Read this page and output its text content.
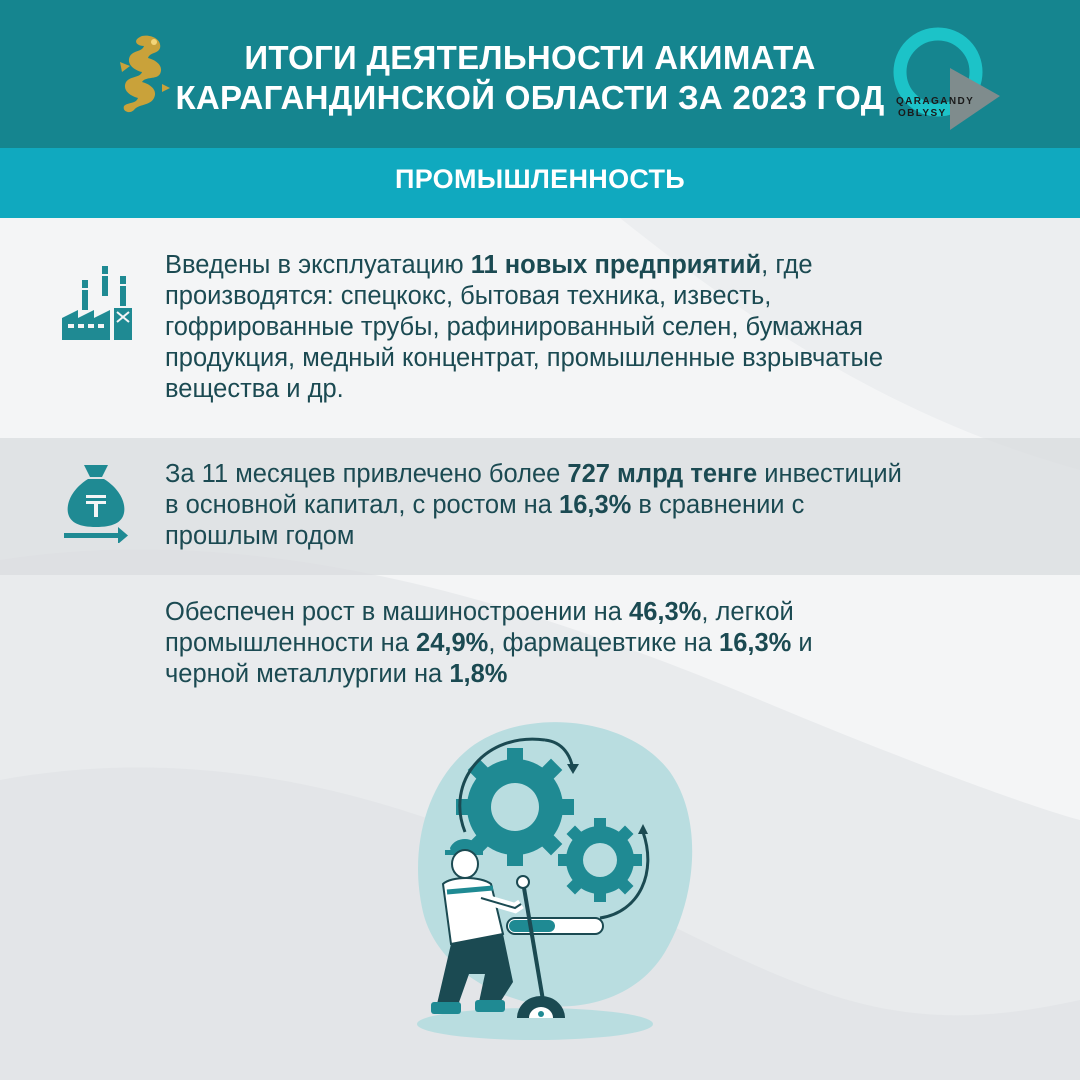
ИТОГИ ДЕЯТЕЛЬНОСТИ АКИМАТА
КАРАГАНДИНСКОЙ ОБЛАСТИ ЗА 2023 ГОД	QARAGANDY
OBLYSY
ПРОМЫШЛЕННОСТЬ
Введены в эксплуатацию 11 новых предприятий, где
производятся: спецкокс, бытовая техника, известь,
гофрированные трубы, рафинированный селен, бумажная
продукция, медный концентрат, промышленные взрывчатые
вещества и др.
За 11 месяцев привлечено более 727 млрд тенге инвестиций
в основной капитал, с ростом на 16,3% в сравнении с
прошлым годом
Обеспечен рост в машиностроении на 46,3%, легкой
промышленности на 24,9%, фармацевтике на 16,3% и
черной металлургии на 1,8%
